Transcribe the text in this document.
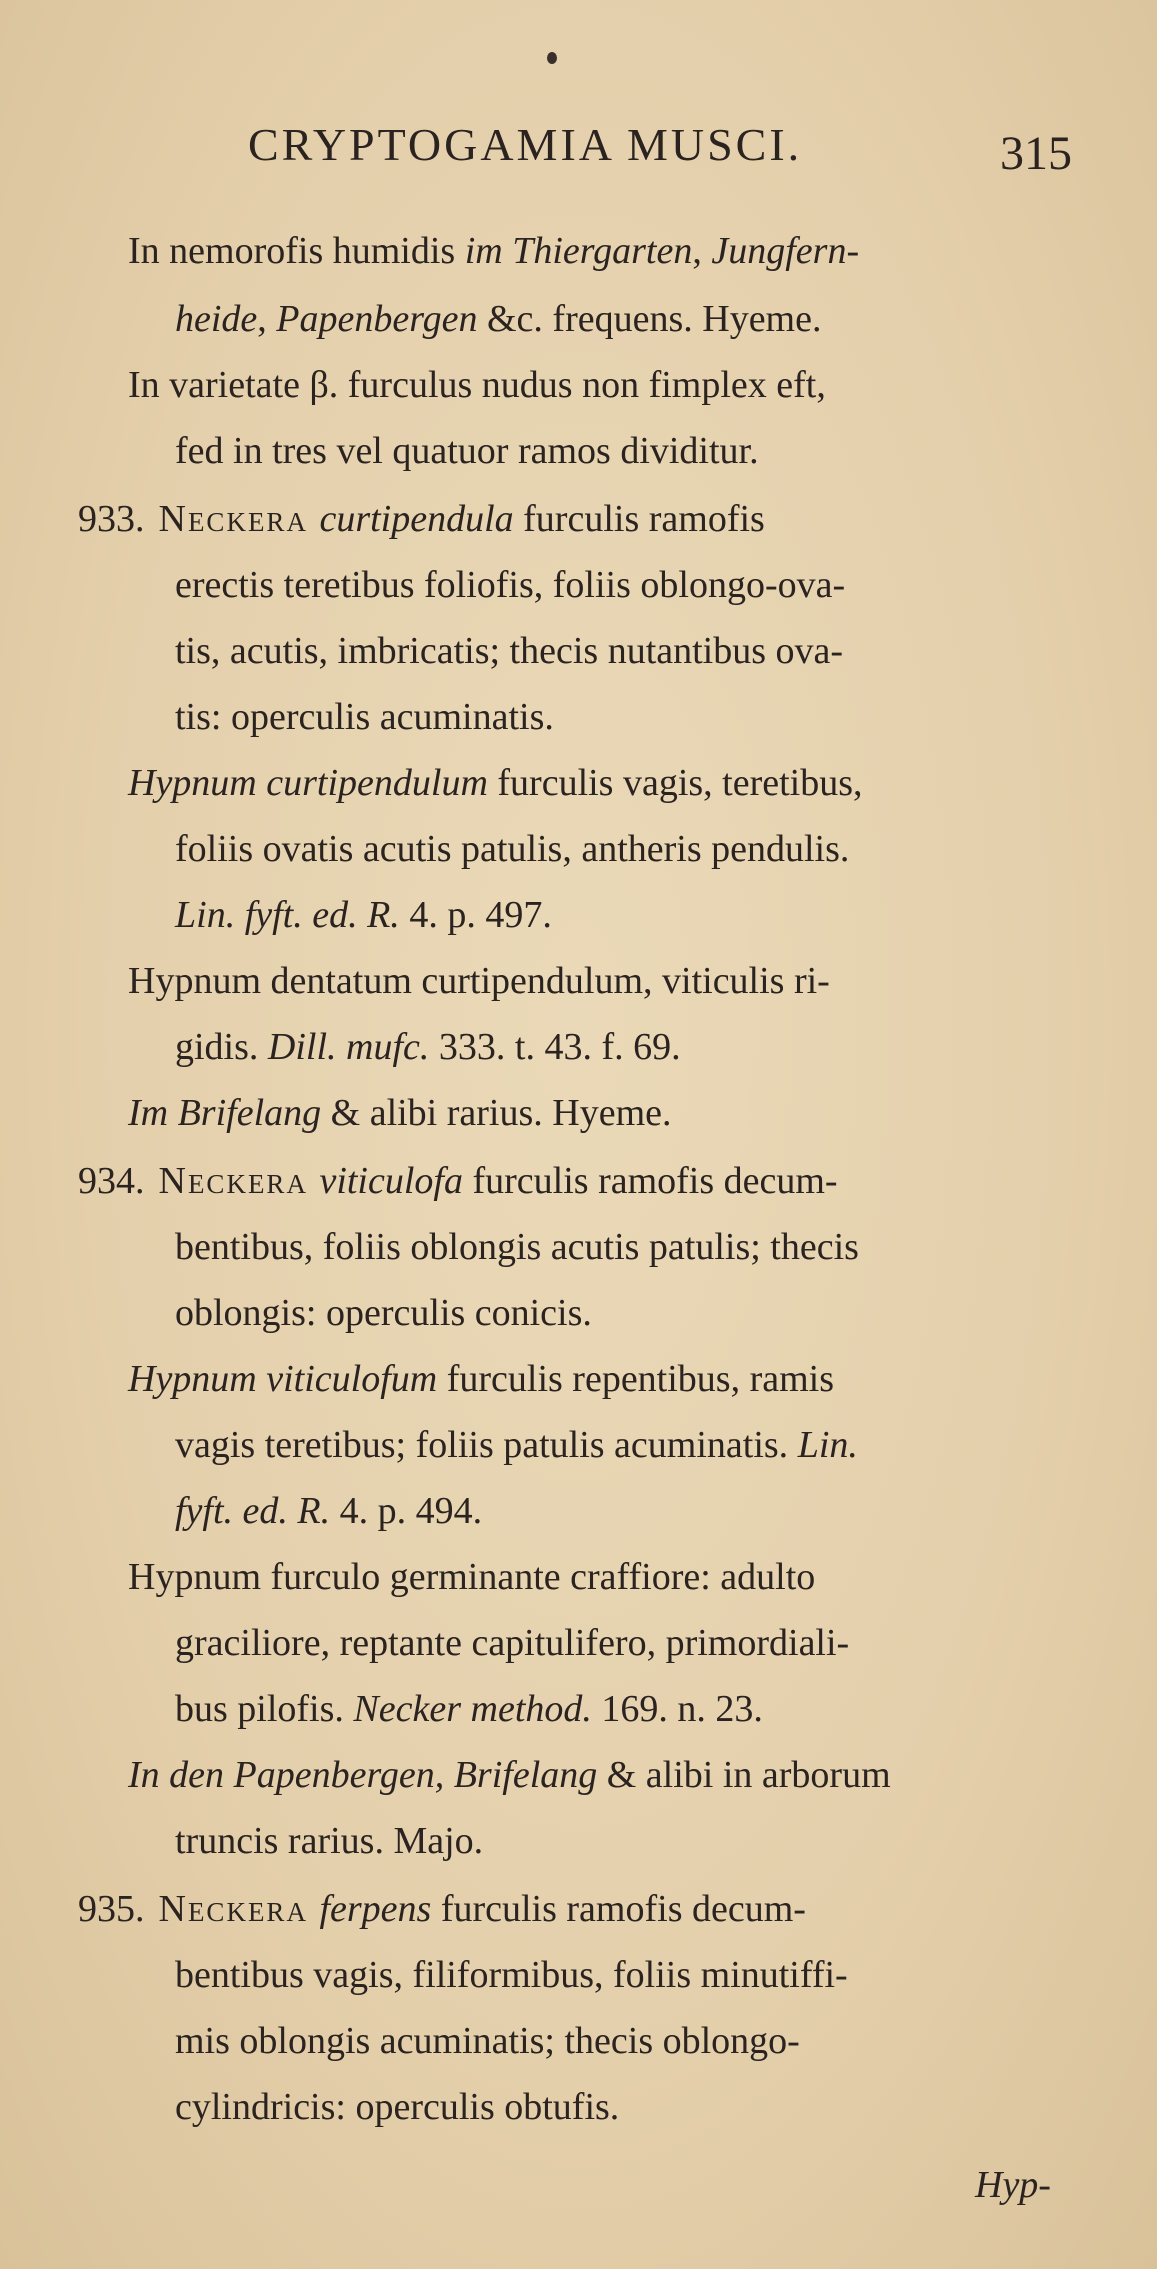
CRYPTOGAMIA MUSCI.	315
In nemorofis humidis im Thiergarten, Jungfern-
heide, Papenbergen &c. frequens. Hyeme.
In varietate β. furculus nudus non fimplex eft,
fed in tres vel quatuor ramos dividitur.
933. Neckera curtipendula furculis ramofis
erectis teretibus foliofis, foliis oblongo-ova-
tis, acutis, imbricatis; thecis nutantibus ova-
tis: operculis acuminatis.
Hypnum curtipendulum furculis vagis, teretibus,
foliis ovatis acutis patulis, antheris pendulis.
Lin. fyft. ed. R. 4. p. 497.
Hypnum dentatum curtipendulum, viticulis ri-
gidis. Dill. mufc. 333. t. 43. f. 69.
Im Brifelang & alibi rarius. Hyeme.
934. Neckera viticulofa furculis ramofis decum-
bentibus, foliis oblongis acutis patulis; thecis
oblongis: operculis conicis.
Hypnum viticulofum furculis repentibus, ramis
vagis teretibus; foliis patulis acuminatis. Lin.
fyft. ed. R. 4. p. 494.
Hypnum furculo germinante craffiore: adulto
graciliore, reptante capitulifero, primordiali-
bus pilofis. Necker method. 169. n. 23.
In den Papenbergen, Brifelang & alibi in arborum
truncis rarius. Majo.
935. Neckera ferpens furculis ramofis decum-
bentibus vagis, filiformibus, foliis minutiffi-
mis oblongis acuminatis; thecis oblongo-
cylindricis: operculis obtufis.
Hyp-
